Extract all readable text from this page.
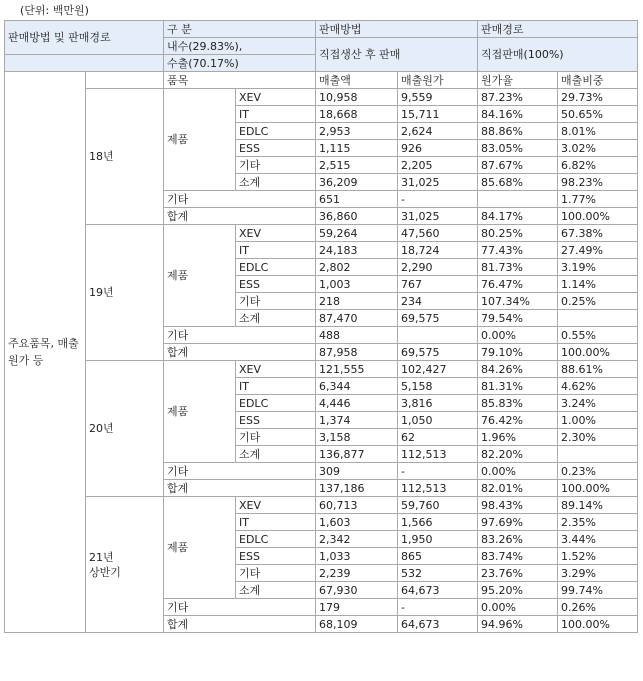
(단위: 백만원)
판매방법 및 판매경로		구 분		판매방법		판매경로	
		내수(29.83%),		직접생산 후 판매		직접판매(100%)	
		수출(70.17%)					
주요품목, 매출원가 등		품목		매출액	매출원가	원가율	매출비중

	18년	제품	XEV	10,958	9,559	87.23%	29.73%
			IT	18,668	15,711	84.16%	50.65%
			EDLC	2,953	2,624	88.86%	8.01%
			ESS	1,115	926	83.05%	3.02%
			기타	2,515	2,205	87.67%	6.82%
			소계	36,209	31,025	85.68%	98.23%
		기타		651	-		1.77%
		합계		36,860	31,025	84.17%	100.00%

	19년	제품	XEV	59,264	47,560	80.25%	67.38%
			IT	24,183	18,724	77.43%	27.49%
			EDLC	2,802	2,290	81.73%	3.19%
			ESS	1,003	767	76.47%	1.14%
			기타	218	234	107.34%	0.25%
			소계	87,470	69,575	79.54%	
		기타		488		0.00%	0.55%
		합계		87,958	69,575	79.10%	100.00%

	20년	제품	XEV	121,555	102,427	84.26%	88.61%
			IT	6,344	5,158	81.31%	4.62%
			EDLC	4,446	3,816	85.83%	3.24%
			ESS	1,374	1,050	76.42%	1.00%
			기타	3,158	62	1.96%	2.30%
			소계	136,877	112,513	82.20%	
		기타		309	-	0.00%	0.23%
		합계		137,186	112,513	82.01%	100.00%

	21년
상반기	제품	XEV	60,713	59,760	98.43%	89.14%
			IT	1,603	1,566	97.69%	2.35%
			EDLC	2,342	1,950	83.26%	3.44%
			ESS	1,033	865	83.74%	1.52%
			기타	2,239	532	23.76%	3.29%
			소계	67,930	64,673	95.20%	99.74%
		기타		179	-	0.00%	0.26%
		합계		68,109	64,673	94.96%	100.00%
